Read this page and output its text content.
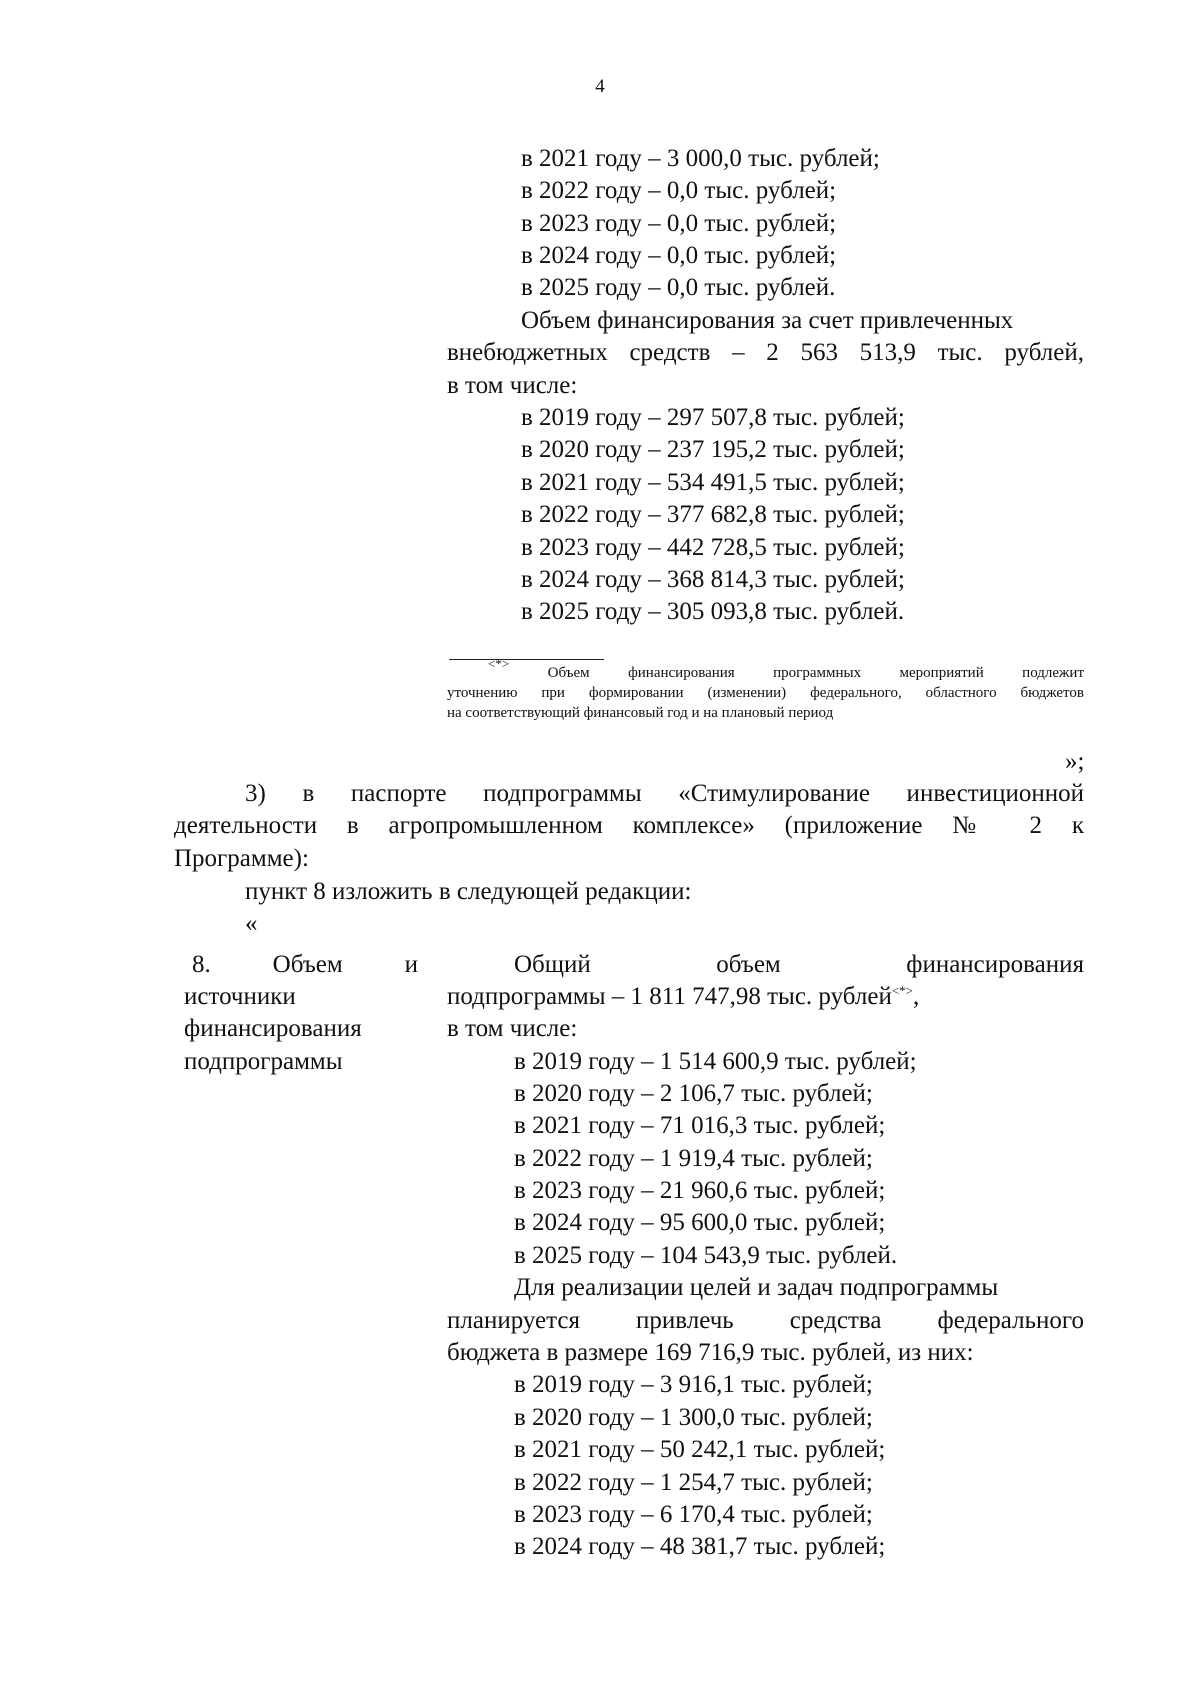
4
в 2021 году – 3 000,0 тыс. рублей;
в 2022 году – 0,0 тыс. рублей;
в 2023 году – 0,0 тыс. рублей;
в 2024 году – 0,0 тыс. рублей;
в 2025 году – 0,0 тыс. рублей.
Объем финансирования за счет привлеченных
внебюджетных средств – 2 563 513,9 тыс. рублей,
в том числе:
в 2019 году – 297 507,8 тыс. рублей;
в 2020 году – 237 195,2 тыс. рублей;
в 2021 году – 534 491,5 тыс. рублей;
в 2022 году – 377 682,8 тыс. рублей;
в 2023 году – 442 728,5 тыс. рублей;
в 2024 году – 368 814,3 тыс. рублей;
в 2025 году – 305 093,8 тыс. рублей.
<*> Объем финансирования программных мероприятий подлежит
уточнению при формировании (изменении) федерального, областного бюджетов
на соответствующий финансовый год и на плановый период
»;
3) в паспорте подпрограммы «Стимулирование инвестиционной
деятельности в агропромышленном комплексе» (приложение № 2 к
Программе):
пункт 8 изложить в следующей редакции:
«
8. Объем и
источники
финансирования
подпрограммы
Общий объем финансирования
подпрограммы – 1 811 747,98 тыс. рублей<*>,
в том числе:
в 2019 году – 1 514 600,9 тыс. рублей;
в 2020 году – 2 106,7 тыс. рублей;
в 2021 году – 71 016,3 тыс. рублей;
в 2022 году – 1 919,4 тыс. рублей;
в 2023 году – 21 960,6 тыс. рублей;
в 2024 году – 95 600,0 тыс. рублей;
в 2025 году – 104 543,9 тыс. рублей.
Для реализации целей и задач подпрограммы
планируется привлечь средства федерального
бюджета в размере 169 716,9 тыс. рублей, из них:
в 2019 году – 3 916,1 тыс. рублей;
в 2020 году – 1 300,0 тыс. рублей;
в 2021 году – 50 242,1 тыс. рублей;
в 2022 году – 1 254,7 тыс. рублей;
в 2023 году – 6 170,4 тыс. рублей;
в 2024 году – 48 381,7 тыс. рублей;
